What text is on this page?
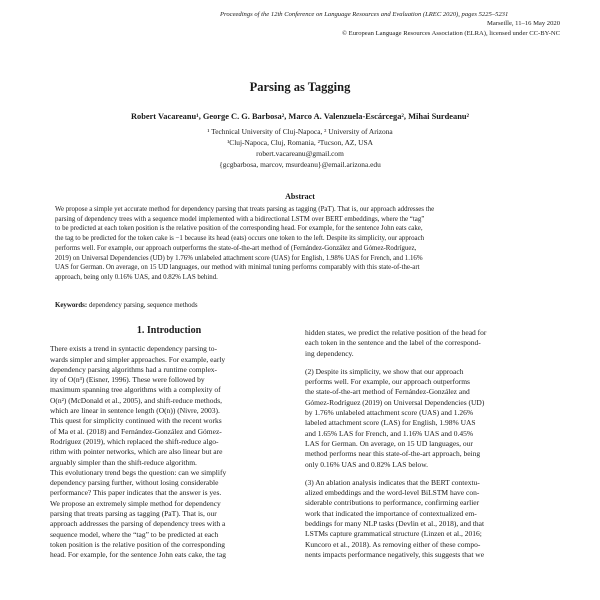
Proceedings of the 12th Conference on Language Resources and Evaluation (LREC 2020), pages 5225–5231
Marseille, 11–16 May 2020
© European Language Resources Association (ELRA), licensed under CC-BY-NC
Parsing as Tagging
Robert Vacareanu¹, George C. G. Barbosa², Marco A. Valenzuela-Escárcega², Mihai Surdeanu²
¹ Technical University of Cluj-Napoca, ² University of Arizona
¹Cluj-Napoca, Cluj, Romania, ²Tucson, AZ, USA
robert.vacareanu@gmail.com
{gcgbarbosa, marcov, msurdeanu}@email.arizona.edu
Abstract
We propose a simple yet accurate method for dependency parsing that treats parsing as tagging (PaT). That is, our approach addresses the
parsing of dependency trees with a sequence model implemented with a bidirectional LSTM over BERT embeddings, where the “tag”
to be predicted at each token position is the relative position of the corresponding head. For example, for the sentence John eats cake,
the tag to be predicted for the token cake is −1 because its head (eats) occurs one token to the left. Despite its simplicity, our approach
performs well. For example, our approach outperforms the state-of-the-art method of (Fernández-González and Gómez-Rodríguez,
2019) on Universal Dependencies (UD) by 1.76% unlabeled attachment score (UAS) for English, 1.98% UAS for French, and 1.16%
UAS for German. On average, on 15 UD languages, our method with minimal tuning performs comparably with this state-of-the-art
approach, being only 0.16% UAS, and 0.82% LAS behind.
Keywords: dependency parsing, sequence methods
1. Introduction
There exists a trend in syntactic dependency parsing to-
wards simpler and simpler approaches. For example, early
dependency parsing algorithms had a runtime complex-
ity of O(n³) (Eisner, 1996). These were followed by
maximum spanning tree algorithms with a complexity of
O(n²) (McDonald et al., 2005), and shift-reduce methods,
which are linear in sentence length (O(n)) (Nivre, 2003).
This quest for simplicity continued with the recent works
of Ma et al. (2018) and Fernández-González and Gómez-
Rodríguez (2019), which replaced the shift-reduce algo-
rithm with pointer networks, which are also linear but are
arguably simpler than the shift-reduce algorithm.
This evolutionary trend begs the question: can we simplify
dependency parsing further, without losing considerable
performance? This paper indicates that the answer is yes.
We propose an extremely simple method for dependency
parsing that treats parsing as tagging (PaT). That is, our
approach addresses the parsing of dependency trees with a
sequence model, where the “tag” to be predicted at each
token position is the relative position of the corresponding
head. For example, for the sentence John eats cake, the tag
hidden states, we predict the relative position of the head for
each token in the sentence and the label of the correspond-
ing dependency.
(2) Despite its simplicity, we show that our approach
performs well. For example, our approach outperforms
the state-of-the-art method of Fernández-González and
Gómez-Rodríguez (2019) on Universal Dependencies (UD)
by 1.76% unlabeled attachment score (UAS) and 1.26%
labeled attachment score (LAS) for English, 1.98% UAS
and 1.65% LAS for French, and 1.16% UAS and 0.45%
LAS for German. On average, on 15 UD languages, our
method performs near this state-of-the-art approach, being
only 0.16% UAS and 0.82% LAS below.
(3) An ablation analysis indicates that the BERT contextu-
alized embeddings and the word-level BiLSTM have con-
siderable contributions to performance, confirming earlier
work that indicated the importance of contextualized em-
beddings for many NLP tasks (Devlin et al., 2018), and that
LSTMs capture grammatical structure (Linzen et al., 2016;
Kuncoro et al., 2018). As removing either of these compo-
nents impacts performance negatively, this suggests that we
